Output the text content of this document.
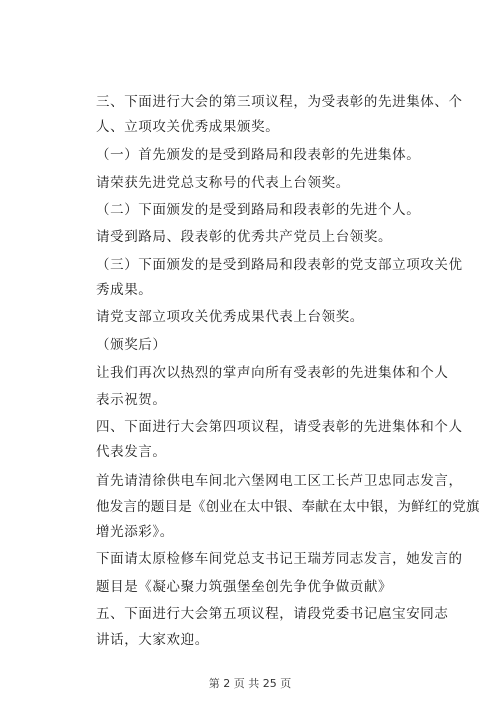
三、下面进行大会的第三项议程，为受表彰的先进集体、个
人、立项攻关优秀成果颁奖。
（一）首先颁发的是受到路局和段表彰的先进集体。
请荣获先进党总支称号的代表上台领奖。
（二）下面颁发的是受到路局和段表彰的先进个人。
请受到路局、段表彰的优秀共产党员上台领奖。
（三）下面颁发的是受到路局和段表彰的党支部立项攻关优
秀成果。
请党支部立项攻关优秀成果代表上台领奖。
（颁奖后）
让我们再次以热烈的掌声向所有受表彰的先进集体和个人
表示祝贺。
四、下面进行大会第四项议程，请受表彰的先进集体和个人
代表发言。
首先请清徐供电车间北六堡网电工区工长芦卫忠同志发言，
他发言的题目是《创业在太中银、奉献在太中银，为鲜红的党旗
增光添彩》。
下面请太原检修车间党总支书记王瑞芳同志发言，她发言的
题目是《凝心聚力筑强堡垒创先争优争做贡献》
五、下面进行大会第五项议程，请段党委书记扈宝安同志
讲话，大家欢迎。
第 2 页 共 25 页
